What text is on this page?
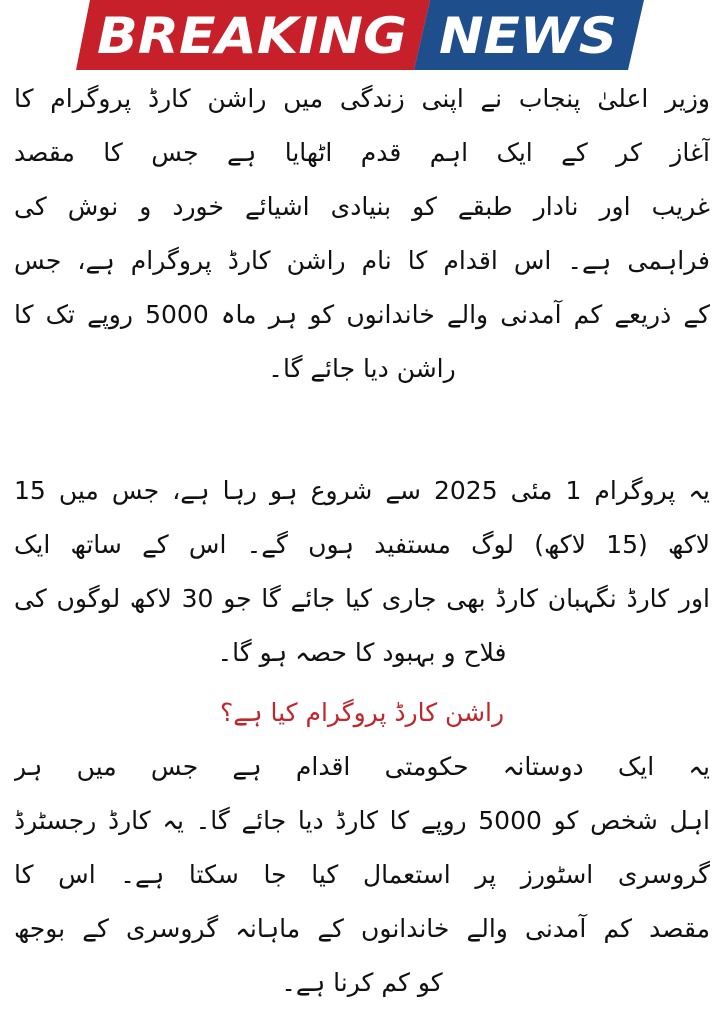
BREAKING NEWS
وزیر اعلیٰ پنجاب نے اپنی زندگی میں راشن کارڈ پروگرام کا
آغاز کر کے ایک اہم قدم اٹھایا ہے جس کا مقصد
غریب اور نادار طبقے کو بنیادی اشیائے خورد و نوش کی
فراہمی ہے۔ اس اقدام کا نام راشن کارڈ پروگرام ہے، جس
کے ذریعے کم آمدنی والے خاندانوں کو ہر ماہ 5000 روپے تک کا
راشن دیا جائے گا۔
یہ پروگرام 1 مئی 2025 سے شروع ہو رہا ہے، جس میں 15
لاکھ (15 لاکھ) لوگ مستفید ہوں گے۔ اس کے ساتھ ایک
اور کارڈ نگہبان کارڈ بھی جاری کیا جائے گا جو 30 لاکھ لوگوں کی
فلاح و بہبود کا حصہ ہو گا۔
راشن کارڈ پروگرام کیا ہے؟
یہ ایک دوستانہ حکومتی اقدام ہے جس میں ہر
اہل شخص کو 5000 روپے کا کارڈ دیا جائے گا۔ یہ کارڈ رجسٹرڈ
گروسری اسٹورز پر استعمال کیا جا سکتا ہے۔ اس کا
مقصد کم آمدنی والے خاندانوں کے ماہانہ گروسری کے بوجھ
کو کم کرنا ہے۔
